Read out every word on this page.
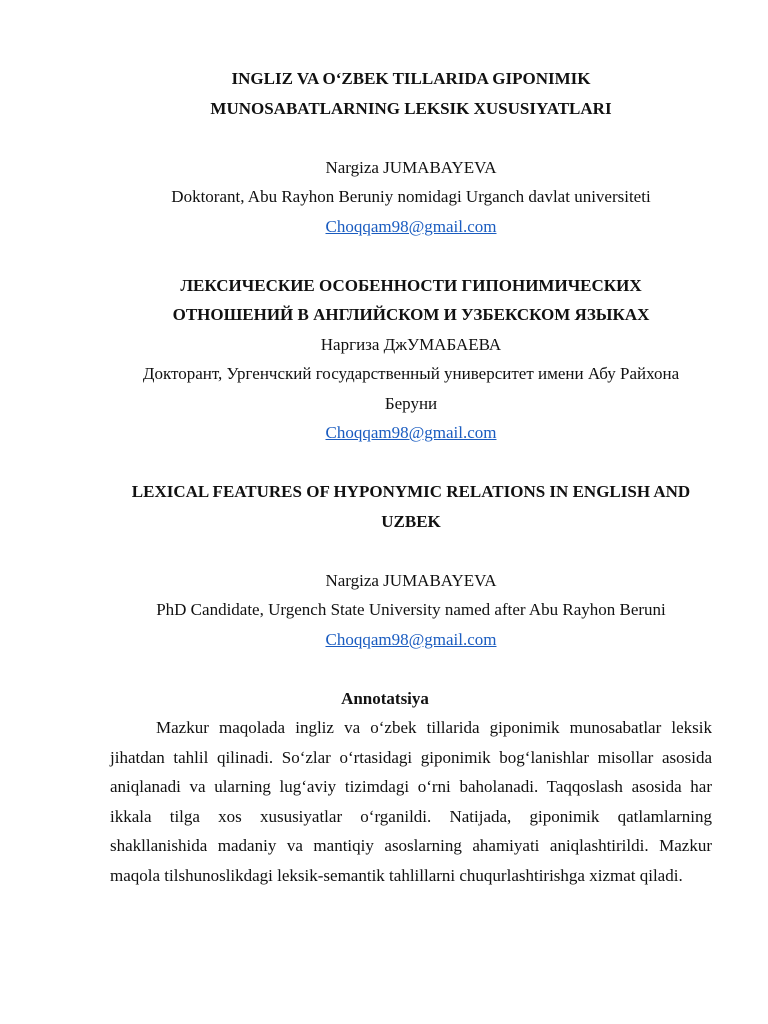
INGLIZ VA O‘ZBEK TILLARIDA GIPONIMIK
MUNOSABATLARNING LEKSIK XUSUSIYATLARI
Nargiza JUMABAYEVA
Doktorant, Abu Rayhon Beruniy nomidagi Urganch davlat universiteti
Choqqam98@gmail.com
ЛЕКСИЧЕСКИЕ ОСОБЕННОСТИ ГИПОНИМИЧЕСКИХ
ОТНОШЕНИЙ В АНГЛИЙСКОМ И УЗБЕКСКОМ ЯЗЫКАХ
Наргиза ДжУМАБАЕВА
Докторант, Ургенчский государственный университет имени Абу Райхона
Беруни
Choqqam98@gmail.com
LEXICAL FEATURES OF HYPONYMIC RELATIONS IN ENGLISH AND
UZBEK
Nargiza JUMABAYEVA
PhD Candidate, Urgench State University named after Abu Rayhon Beruni
Choqqam98@gmail.com
Annotatsiya

Mazkur maqolada ingliz va o‘zbek tillarida giponimik munosabatlar leksik jihatdan tahlil qilinadi. So‘zlar o‘rtasidagi giponimik bog‘lanishlar misollar asosida aniqlanadi va ularning lug‘aviy tizimdagi o‘rni baholanadi. Taqqoslash asosida har ikkala tilga xos xususiyatlar o‘rganildi. Natijada, giponimik qatlamlarning shakllanishida madaniy va mantiqiy asoslarning ahamiyati aniqlashtirildi. Mazkur maqola tilshunoslikdagi leksik-semantik tahlillarni chuqurlashtirishga xizmat qiladi.
